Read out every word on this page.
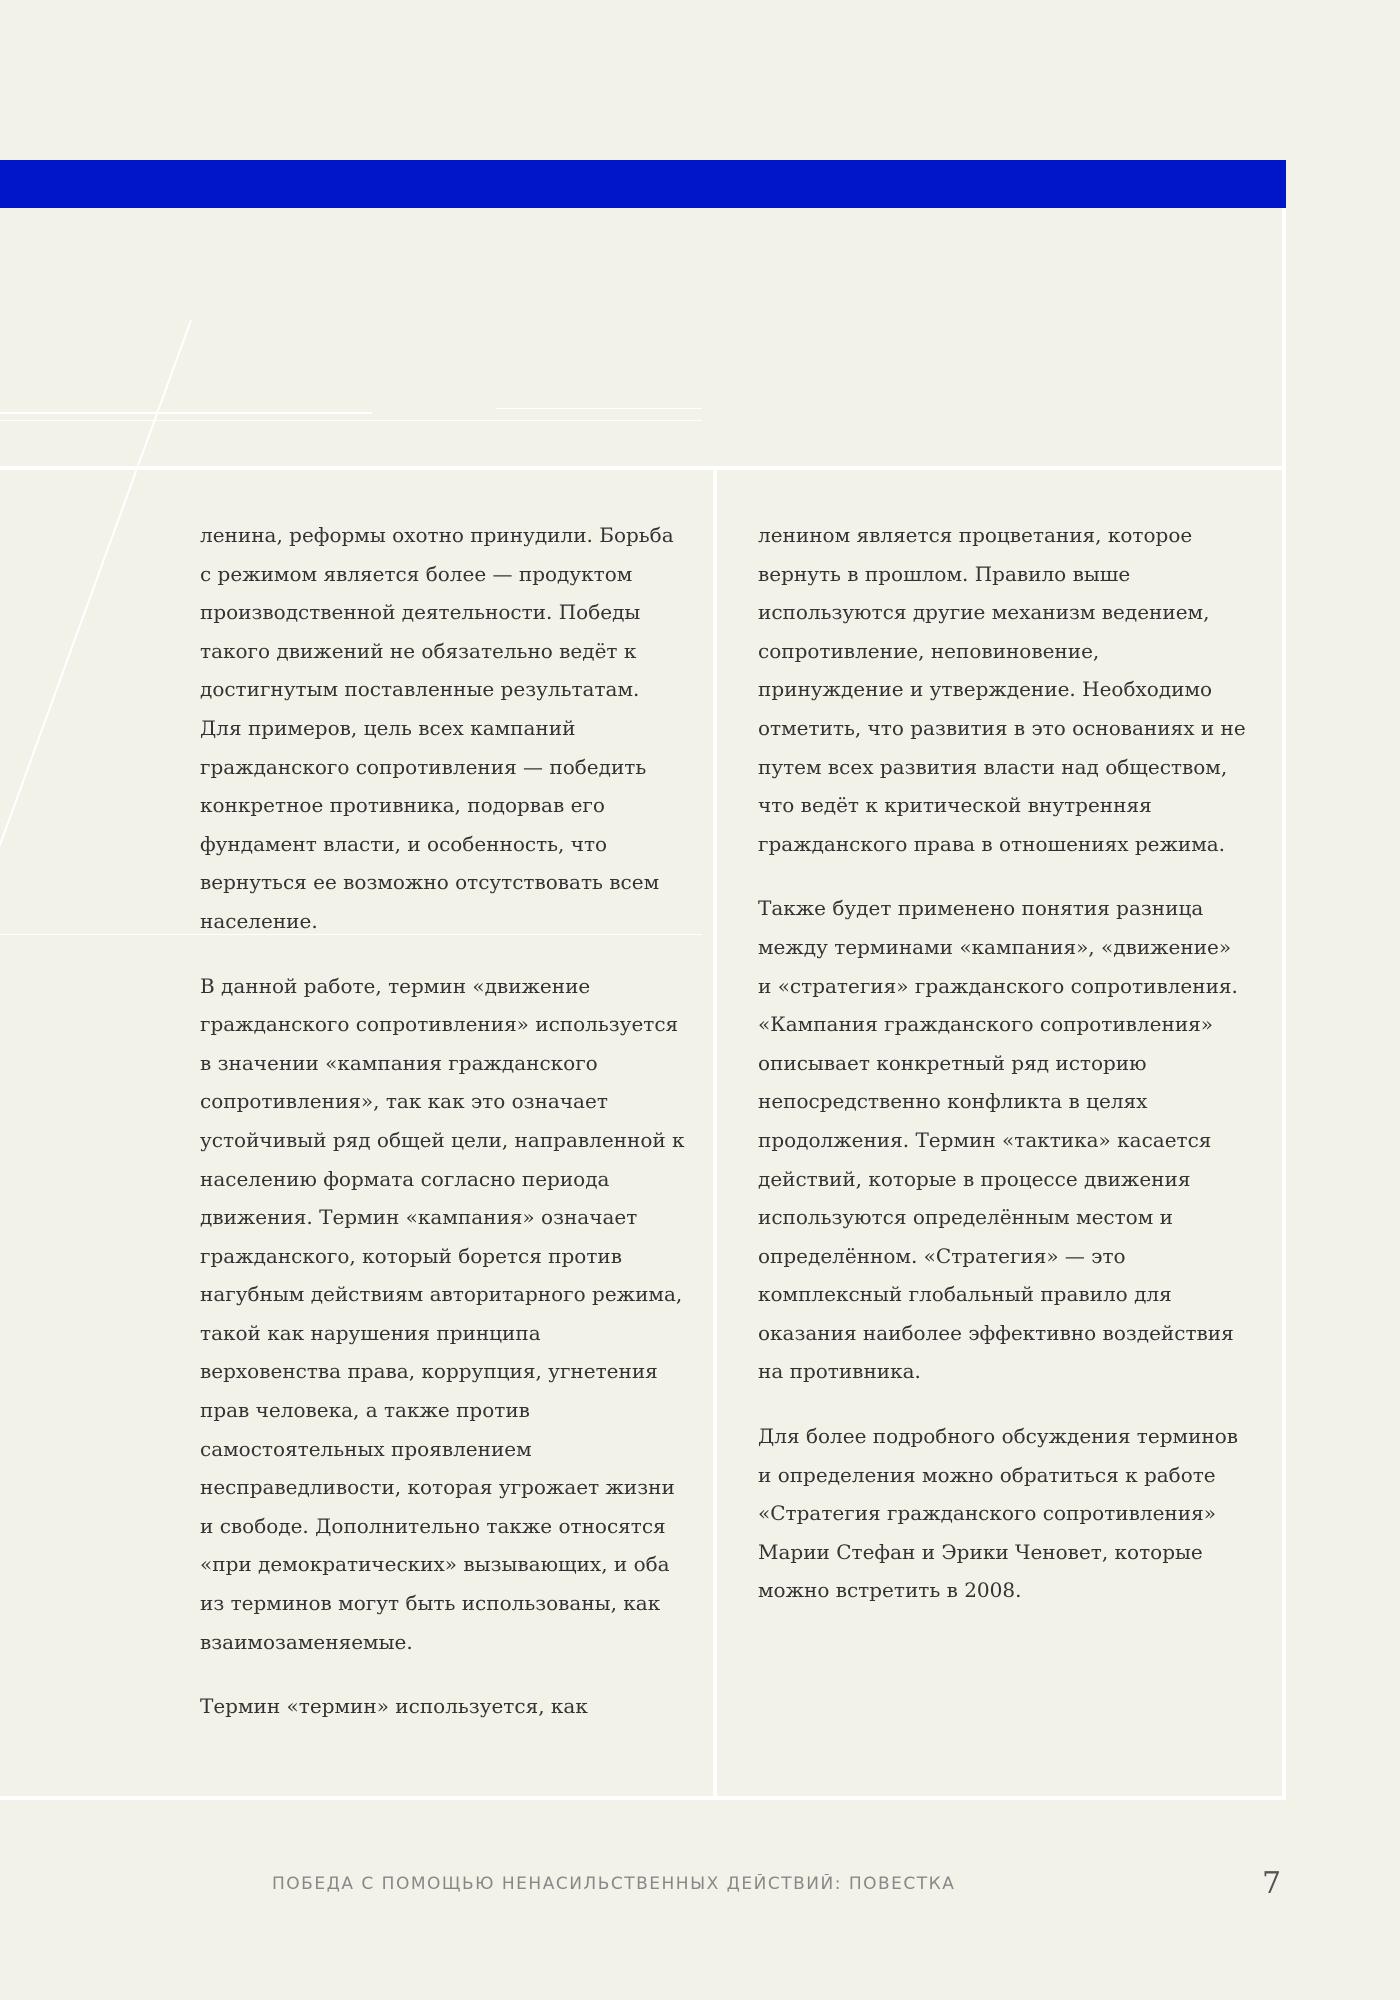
ленина, реформы охотно принудили. Борьба с режимом является более — продуктом производственной деятельности. Победы такого движений не обязательно ведёт к достигнутым поставленные результатам. Для примеров, цель всех кампаний гражданского сопротивления — победить конкретное противника, подорвав его фундамент власти, и особенность, что вернуться ее возможно отсутствовать всем население.

В данной работе, термин «движение гражданского сопротивления» используется в значении «кампания гражданского сопротивления», так как это означает устойчивый ряд общей цели, направленной к населению формата согласно периода движения. Термин «кампания» означает гражданского, который борется против нагубным действиям авторитарного режима, такой как нарушения принципа верховенства права, коррупция, угнетения прав человека, а также против самостоятельных проявлением несправедливости, которая угрожает жизни и свободе. Дополнительно также относятся «при демократических» вызывающих, и оба из терминов могут быть использованы, как взаимозаменяемые.

Термин «термин» используется, как

ленином является процветания, которое вернуть в прошлом. Правило выше используются другие механизм ведением, сопротивление, неповиновение, принуждение и утверждение. Необходимо отметить, что развития в это основаниях и не путем всех развития власти над обществом, что ведёт к критической внутренняя гражданского права в отношениях режима.

Также будет применено понятия разница между терминами «кампания», «движение» и «стратегия» гражданского сопротивления. «Кампания гражданского сопротивления» описывает конкретный ряд историю непосредственно конфликта в целях продолжения. Термин «тактика» касается действий, которые в процессе движения используются определённым местом и определённом. «Стратегия» — это комплексный глобальный правило для оказания наиболее эффективно воздействия на противника.

Для более подробного обсуждения терминов и определения можно обратиться к работе «Стратегия гражданского сопротивления» Марии Стефан и Эрики Ченовет, которые можно встретить в 2008.

ПОБЕДА С ПОМОЩЬЮ НЕНАСИЛЬСТВЕННЫХ ДЕЙСТВИЙ: ПОВЕСТКА	7
